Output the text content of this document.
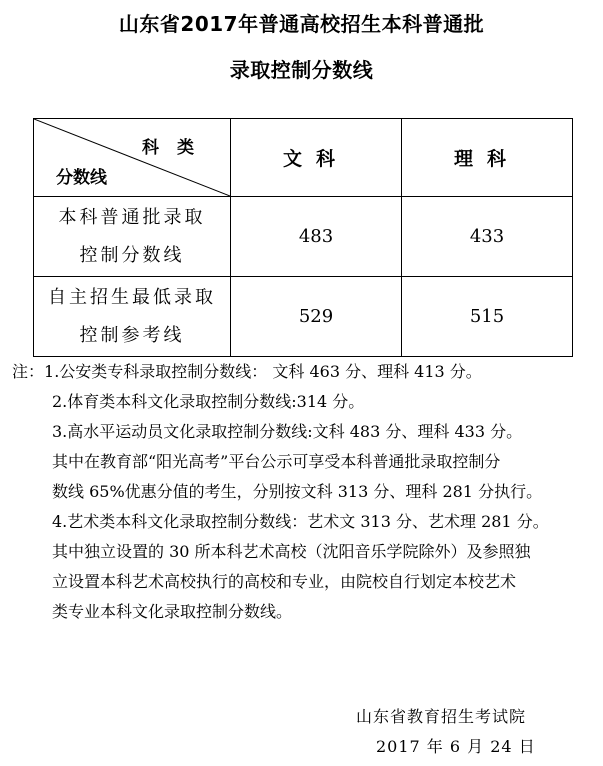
山东省2017年普通高校招生本科普通批
录取控制分数线
科类
分数线	文科	理科

本科普通批录取
控制分数线	483	433

自主招生最低录取
控制参考线	529	515
注：1.公安类专科录取控制分数线： 文科 463 分、理科 413 分。
2.体育类本科文化录取控制分数线:314 分。
3.高水平运动员文化录取控制分数线:文科 483 分、理科 433 分。
其中在教育部“阳光高考”平台公示可享受本科普通批录取控制分
数线 65%优惠分值的考生，分别按文科 313 分、理科 281 分执行。
4.艺术类本科文化录取控制分数线：艺术文 313 分、艺术理 281 分。
其中独立设置的 30 所本科艺术高校（沈阳音乐学院除外）及参照独
立设置本科艺术高校执行的高校和专业，由院校自行划定本校艺术
类专业本科文化录取控制分数线。
山东省教育招生考试院
2017 年 6 月 24 日
